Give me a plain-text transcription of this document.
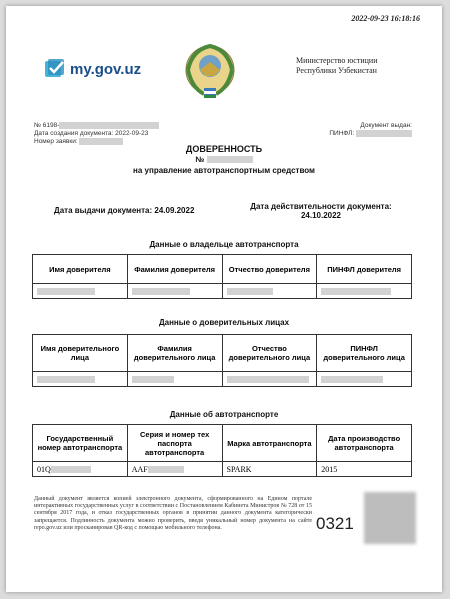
2022-09-23 16:18:16
my.gov.uz	Министерство юстиции
Республики Узбекистан
№ 6198-
Дата создания документа: 2022-09-23
Номер заявки:
Документ выдан:
ПИНФЛ:
ДОВЕРЕННОСТЬ
№
на управление автотранспортным средством
Дата выдачи документа: 24.09.2022	Дата действительности документа:
24.10.2022
Данные о владельце автотранспорта
Имя доверителя	Фамилия доверителя	Отчество доверителя	ПИНФЛ доверителя

Данные о доверительных лицах
Имя доверительного лица	Фамилия доверительного лица	Отчество доверительного лица	ПИНФЛ доверительного лица

Данные об автотранспорте
Государственный номер автотранспорта	Серия и номер тех паспорта автотранспорта	Марка автотранспорта	Дата производство автотранспорта
01Q	AAF	SPARK	2015
Данный документ является копией электронного документа, сформированного на Едином портале интерактивных государственных услуг в соответствии с Постановлением Кабинета Министров № 728 от 15 сентября 2017 года, и отказ государственных органов в принятии данного документа категорически запрещается. Подлинность документа можно проверить, введя уникальный номер документа на сайте repo.gov.uz или просканировав QR-код с помощью мобильного телефона.	0321
